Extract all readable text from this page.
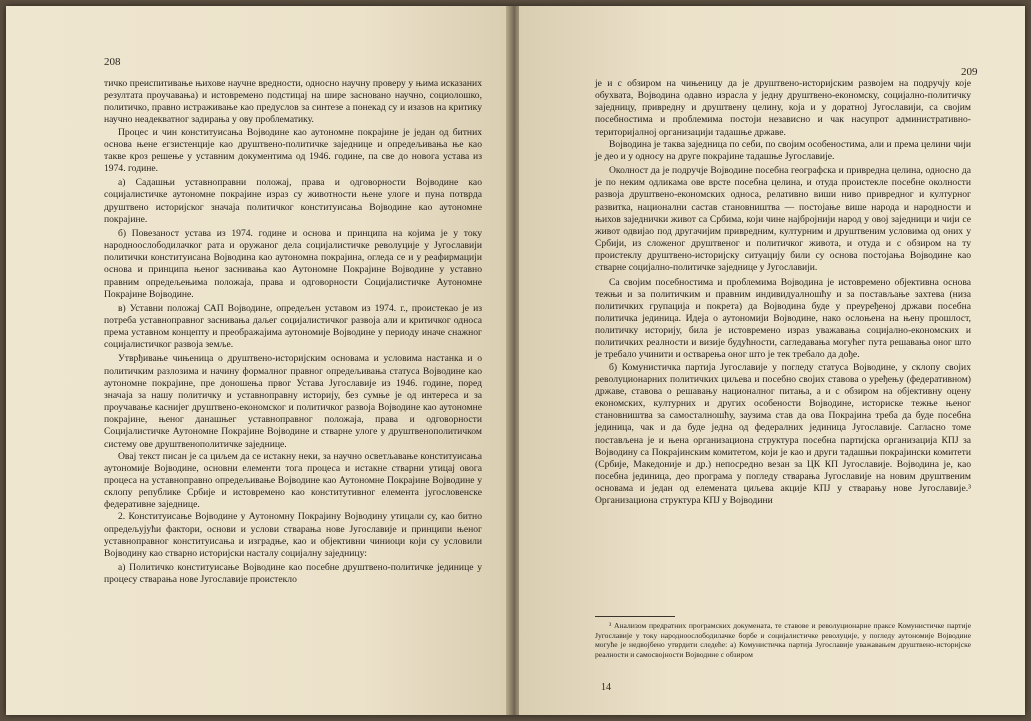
208

тичко преиспитивање њихове научне вредности, односно научну проверу у њима исказаних резултата проучавања) и истовремено подстицај на шире засновано научно, социолошко, политичко, правно истраживање као предуслов за синтезе а понекад су и изазов на критику научно неадекватног задирања у ову проблематику.

Процес и чин конституисања Војводине као аутономне покрајине је један од битних основа њене егзистенције као друштвено-политичке заједнице и опредељивања ње као такве кроз решење у уставним документима од 1946. године, па све до новога устава из 1974. године.

а) Садашњи уставноправни положај, права и одговорности Војводине као социјалистичке аутономне покрајине израз су животности њене улоге и пуна потврда друштвено историјског значаја политичког конституисања Војводине као аутономне покрајине.

б) Повезаност устава из 1974. године и основа и принципа на којима је у току народноослободилачког рата и оружаног дела социјалистичке револуције у Југославији политички конституисана Војводина као аутономна покрајина, огледа се и у реафирмацији основа и принципа њеног заснивања као Аутономне Покрајине Војводине у уставно правним опредељењима положаја, права и одговорности Социјалистичке Аутономне Покрајине Војводине.

в) Уставни положај САП Војводине, опредељен уставом из 1974. г., проистекао је из потреба уставноправног заснивања даљег социјалистичког развоја али и критичког односа према уставном концепту и преображајима аутономије Војводине у периоду иначе снажног социјалистичког развоја земље.

Утврђивање чињеница о друштвено-историјским основама и условима настанка и о политичким разлозима и начину формалног правног опредељивања статуса Војводине као аутономне покрајине, пре доношења првог Устава Југославије из 1946. године, поред значаја за нашу политичку и уставноправну историју, без сумње је од интереса и за проучавање каснијег друштвено-економског и политичког развоја Војводине као аутономне покрајине, њеног данашњег уставноправног положаја, права и одговорности Социјалистичке Аутономне Покрајине Војводине и стварне улоге у друштвенополитичком систему ове друштвенополитичке заједнице.

Овај текст писан је са циљем да се истакну неки, за научно осветљавање конституисања аутономије Војводине, основни елементи тога процеса и истакне стварни утицај овога процеса на уставноправно опредељивање Војводине као Аутономне Покрајине Војводине у склопу републике Србије и истовремено као конститутивног елемента југословенске федеративне заједнице.

2. Конституисање Војводине у Аутономну Покрајину Војводину утицали су, као битно опредељујући фактори, основи и услови стварања нове Југославије и принципи њеног уставноправног конституисања и изградње, као и објективни чиниоци који су условили Војводину као стварно историјски насталу социјалну заједницу:

а) Политичко конституисање Војводине као посебне друштвено-политичке јединице у процесу стварања нове Југославије проистекло

209

је и с обзиром на чињеницу да је друштвено-историјским развојем на подручју које обухвата, Војводина одавно израсла у једну друштвено-економску, социјално-политичку заједницу, привредну и друштвену целину, која и у доратној Југославији, са својим посебностима и проблемима постоји независно и чак насупрот административно-територијалној организацији тадашње државе.

Војводина је таква заједница по себи, по својим особеностима, али и према целини чији је део и у односу на друге покрајине тадашње Југославије.

Околност да је подручје Војводине посебна географска и привредна целина, односно да је по неким одликама ове врсте посебна целина, и отуда проистекле посебне околности развоја друштвено-економских односа, релативно виши ниво привредног и културног развитка, национални састав становништва — постојање више народа и народности и њихов заједнички живот са Србима, који чине најбројнији народ у овој заједници и чији се живот одвијао под другачијим привредним, културним и друштвеним условима од оних у Србији, из сложеног друштвеног и политичког живота, и отуда и с обзиром на ту проистеклу друштвено-историјску ситуацију били су основа постојања Војводине као стварне социјално-политичке заједнице у Југославији.

Са својим посебностима и проблемима Војводина је истовремено објективна основа тежњи и за политичким и правним индивидуалношћу и за постављање захтева (низа политичких групација и покрета) да Војводина буде у преуређеној држави посебна политичка јединица. Идеја о аутономији Војводине, нако ослоњена на њену прошлост, политичку историју, била је истовремено израз уважавања социјално-економских и политичких реалности и визије будућности, сагледавања могућег пута решавања оног што је требало учинити и остварења оног што је тек требало да дође.

б) Комунистичка партија Југославије у погледу статуса Војводине, у склопу својих револуционарних политичких циљева и посебно својих ставова о уређењу (федеративном) државе, ставова о решавању националног питања, а и с обзиром на објективну оцену економских, културних и других особености Војводине, историске тежње њеног становништва за самосталношћу, заузима став да ова Покрајина треба да буде посебна јединица, чак и да буде једна од федералних јединица Југославије. Сагласно томе постављена је и њена организациона структура посебна партијска организација КПЈ за Војводину са Покрајинским комитетом, који је као и други тадашњи покрајински комитети (Србије, Македоније и др.) непосредно везан за ЦК КП Југославије. Војводина је, као посебна јединица, део програма у погледу стварања Југославије на новим друштвеним основама и један од елемената циљева акције КПЈ у стварању нове Југославије.³ Организациона структура КПЈ у Војводини

³ Анализом предратних програмских докумената, те ставове и револуционарне праксе Комунистичке партије Југославије у току народноослободилачке борбе и социјалистичке револуције, у погледу аутономије Војводине могуће је недвојбено утврдити следеће: а) Комунистичка партија Југославије уважавањем друштвено-историјске реалности и самосвојности Војводине с обзиром
14
